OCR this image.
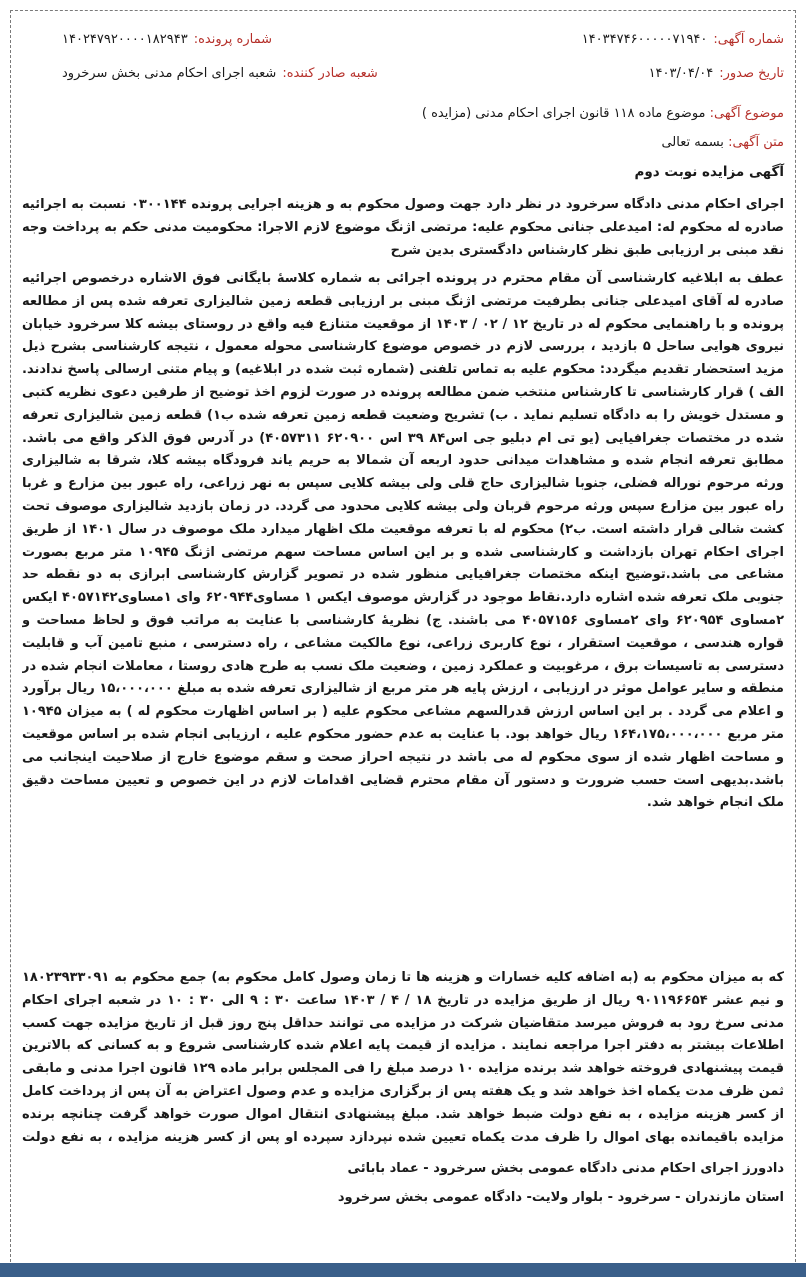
شماره آگهی:
۱۴۰۳۴۷۴۶۰۰۰۰۰۷۱۹۴۰
شماره پرونده:
۱۴۰۲۴۷۹۲۰۰۰۰۱۸۲۹۴۳
تاریخ صدور:
۱۴۰۳/۰۴/۰۴
شعبه صادر کننده:
شعبه اجرای احکام مدنی بخش سرخرود
موضوع آگهی: موضوع ماده ۱۱۸ قانون اجرای احکام مدنی (مزایده )
متن آگهی: بسمه تعالی
آگهی مزایده نوبت دوم

اجرای احکام مدنی دادگاه سرخرود در نظر دارد جهت وصول محکوم به و هزینه اجرایی پرونده ۰۳۰۰۱۴۴ نسبت به اجرائیه صادره له محکوم له: امیدعلی جنانی محکوم علیه: مرتضی اژنگ موضوع لازم الاجرا: محکومیت مدنی حکم به پرداخت وجه نقد مبنی بر ارزیابی طبق نظر کارشناس دادگستری بدین شرح

عطف به ابلاغیه کارشناسی آن مقام محترم در پرونده اجرائی به شماره کلاسهٔ بایگانی فوق الاشاره درخصوص اجرائیه صادره له آقای امیدعلی جنانی بطرفیت مرتضی اژنگ مبنی بر ارزیابی قطعه زمین شالیزاری تعرفه شده پس از مطالعه پرونده و با راهنمایی محکوم له در تاریخ ۱۲ / ۰۲ / ۱۴۰۳ از موقعیت متنازع فیه واقع در روستای بیشه کلا سرخرود خیابان نیروی هوایی ساحل ۵ بازدید ، بررسی لازم در خصوص موضوع کارشناسی محوله معمول ، نتیجه کارشناسی بشرح ذیل مزید استحضار تقدیم میگردد: محکوم علیه به تماس تلفنی (شماره ثبت شده در ابلاغیه) و پیام متنی ارسالی پاسخ ندادند. الف ) قرار کارشناسی تا کارشناس منتخب ضمن مطالعه پرونده در صورت لزوم اخذ توضیح از طرفین دعوی نظریه کتبی و مستدل خویش را به دادگاه تسلیم نماید . ب) تشریح وضعیت قطعه زمین تعرفه شده ب۱) قطعه زمین شالیزاری تعرفه شده در مختصات جغرافیایی (یو تی ام دبلیو جی اس۸۴ ۳۹ اس ۶۲۰۹۰۰ ۴۰۵۷۳۱۱) در آدرس فوق الذکر واقع می باشد. مطابق تعرفه انجام شده و مشاهدات میدانی حدود اربعه آن شمالا به حریم یاند فرودگاه بیشه کلا، شرقا به شالیزاری ورثه مرحوم نوراله فضلی، جنوبا شالیزاری حاج قلی ولی بیشه کلایی سپس به نهر زراعی، راه عبور بین مزارع و غربا راه عبور بین مزارع سپس ورثه مرحوم قربان ولی بیشه کلایی محدود می گردد. در زمان بازدید شالیزاری موصوف تحت کشت شالی قرار داشته است. ب۲) محکوم له با تعرفه موقعیت ملک اظهار میدارد ملک موصوف در سال ۱۴۰۱ از طریق اجرای احکام تهران بازداشت و کارشناسی شده و بر این اساس مساحت سهم مرتضی اژنگ ۱۰۹۴۵ متر مربع بصورت مشاعی می باشد.توضیح اینکه مختصات جغرافیایی منظور شده در تصویر گزارش کارشناسی ابرازی به دو نقطه حد جنوبی ملک تعرفه شده اشاره دارد.نقاط موجود در گزارش موصوف ایکس ۱ مساوی۶۲۰۹۴۴ وای ۱مساوی۴۰۵۷۱۴۲ ایکس ۲مساوی ۶۲۰۹۵۴ وای ۲مساوی ۴۰۵۷۱۵۶ می باشند. ج) نظریهٔ کارشناسی با عنایت به مراتب فوق و لحاظ مساحت و قواره هندسی ، موقعیت استقرار ، نوع کاربری زراعی، نوع مالکیت مشاعی ، راه دسترسی ، منبع تامین آب و قابلیت دسترسی به تاسیسات برق ، مرغوبیت و عملکرد زمین ، وضعیت ملک نسب به طرح هادی روستا ، معاملات انجام شده در منطقه و سایر عوامل موثر در ارزیابی ، ارزش پایه هر متر مربع از شالیزاری تعرفه شده به مبلغ ۱۵،۰۰۰،۰۰۰ ریال برآورد و اعلام می گردد . بر این اساس ارزش قدرالسهم مشاعی محکوم علیه ( بر اساس اظهارت محکوم له ) به میزان ۱۰۹۴۵ متر مربع ۱۶۴،۱۷۵،۰۰۰،۰۰۰ ریال خواهد بود. با عنایت به عدم حضور محکوم علیه ، ارزیابی انجام شده بر اساس موقعیت و مساحت اظهار شده از سوی محکوم له می باشد در نتیجه احراز صحت و سقم موضوع خارج از صلاحیت اینجانب می باشد.بدیهی است حسب ضرورت و دستور آن مقام محترم قضایی اقدامات لازم در این خصوص و تعیین مساحت دقیق ملک انجام خواهد شد.

که به میزان محکوم به (به اضافه کلیه خسارات و هزینه ها تا زمان وصول کامل محکوم به) جمع محکوم به ۱۸۰۲۳۹۳۳۰۹۱ و نیم عشر ۹۰۱۱۹۶۶۵۴ ریال از طریق مزایده در تاریخ ۱۸ / ۴ / ۱۴۰۳ ساعت ۳۰ : ۹ الی ۳۰ : ۱۰ در شعبه اجرای احکام مدنی سرخ رود به فروش میرسد متقاضیان شرکت در مزایده می توانند حداقل پنج روز قبل از تاریخ مزایده جهت کسب اطلاعات بیشتر به دفتر اجرا مراجعه نمایند . مزایده از قیمت پایه اعلام شده کارشناسی شروع و به کسانی که بالاترین قیمت پیشنهادی فروخته خواهد شد برنده مزایده ۱۰ درصد مبلغ را فی المجلس برابر ماده ۱۲۹ قانون اجرا مدنی و مابقی ثمن ظرف مدت یکماه اخذ خواهد شد و یک هفته پس از برگزاری مزایده و عدم وصول اعتراض به آن پس از پرداخت کامل از کسر هزینه مزایده ، به نفع دولت ضبط خواهد شد. مبلغ پیشنهادی انتقال اموال صورت خواهد گرفت چنانچه برنده مزایده باقیمانده بهای اموال را ظرف مدت یکماه تعیین شده نپردازد سپرده او پس از کسر هزینه مزایده ، به نفع دولت

دادورز اجرای احکام مدنی دادگاه عمومی بخش سرخرود - عماد بابائی
استان مازندران - سرخرود - بلوار ولایت- دادگاه عمومی بخش سرخرود
